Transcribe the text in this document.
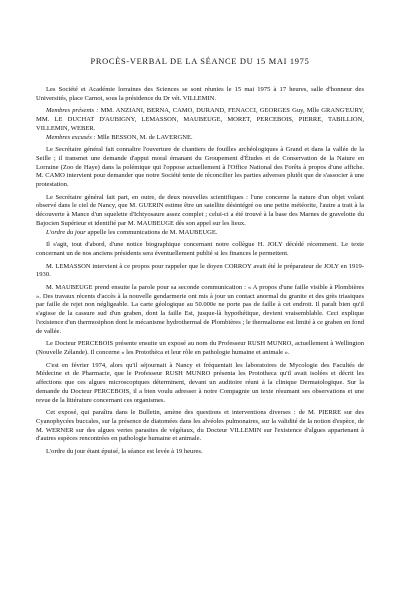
PROCÈS-VERBAL DE LA SÉANCE DU 15 MAI 1975

Les Société et Académie lorraines des Sciences se sont réunies le 15 mai 1975 à 17 heures, salle d'honneur des Universités, place Carnot, sous la présidence du Dr vét. VILLEMIN.

Membres présents : MM. ANZIANI, BERNA, CAMO, DURAND, FENACCI, GEORGES Guy, Mlle GRANG'EURY, MM. LE DUCHAT D'AUBIGNY, LEMASSON, MAUBEUGE, MORET, PERCEBOIS, PIERRE, TABILLION, VILLEMIN, WEBER.

Membres excusés : Mlle BESSON, M. de LAVERGNE.

Le Secrétaire général fait connaître l'ouverture de chantiers de fouilles archéologiques à Grand et dans la vallée de la Seille ; il transmet une demande d'appui moral émanant du Groupement d'Études et de Conservation de la Nature en Lorraine (Zoo de Haye) dans la polémique qui l'oppose actuellement à l'Office National des Forêts à propos d'une affiche. M. CAMO intervient pour demander que notre Société tente de réconcilier les parties adverses plutôt que de s'associer à une protestation.

Le Secrétaire général fait part, en outre, de deux nouvelles scientifiques : l'une concerne la nature d'un objet volant observé dans le ciel de Nancy, que M. GUERIN estime être un satellite désintégré ou une petite météorite, l'autre a trait à la découverte à Mance d'un squelette d'Ichtyosaure assez complet ; celui-ci a été trouvé à la base des Marnes de gravelotte du Bajocien Supérieur et identifié par M. MAUBEUGE dès son appel sur les lieux.

L'ordre du jour appelle les communications de M. MAUBEUGE.

Il s'agit, tout d'abord, d'une notice biographique concernant notre collègue H. JOLY décédé récemment. Le texte concernant un de nos anciens présidents sera éventuellement publié si les finances le permettent.

M. LEMASSON intervient à ce propos pour rappeler que le doyen CORROY avait été le préparateur de JOLY en 1919-1930.

M. MAUBEUGE prend ensuite la parole pour sa seconde communication : « A propos d'une faille visible à Plombières ». Des travaux récents d'accès à la nouvelle gendarmerie ont mis à jour un contact anormal du granite et des grès triasiques par faille de rejet non négligeable. La carte géologique au 50.000e ne porte pas de faille à cet endroit. Il paraît bien qu'il s'agisse de la cassure sud d'un graben, dont la faille Est, jusque-là hypothétique, devient vraisemblable. Ceci explique l'existence d'un thermosiphon dont le mécanisme hydrothermal de Plombières ; le thermalisme est limité à ce graben en fond de vallée.

Le Docteur PERCEBOIS présente ensuite un exposé au nom du Professeur RUSH MUNRO, actuellement à Wellington (Nouvelle Zélande). Il concerne « les Protothèca et leur rôle en pathologie humaine et animale ».

C'est en février 1974, alors qu'il séjournait à Nancy et fréquentait les laboratoires de Mycologie des Facultés de Médecine et de Pharmacie, que le Professeur RUSH MUNRO présenta les Prototheca qu'il avait isolées et décrit les affections que ces algues microscopiques déterminent, devant un auditoire réuni à la clinique Dermatologique. Sur la demande du Docteur PERCEBOIS, il a bien voulu adresser à notre Compagnie un texte résumant ses observations et une revue de la littérature concernant ces organismes.

Cet exposé, qui paraîtra dans le Bulletin, amène des questions et interventions diverses : de M. PIERRE sur des Cyanophycées buccales, sur la présence de diatomées dans les alvéoles pulmonaires, sur la validité de la notion d'espèce, de M. WERNER sur des algues vertes parasites de végétaux, du Docteur VILLEMIN sur l'existence d'algues appartenant à d'autres espèces rencontrées en pathologie humaine et animale.

L'ordre du jour étant épuisé, la séance est levée à 19 heures.
